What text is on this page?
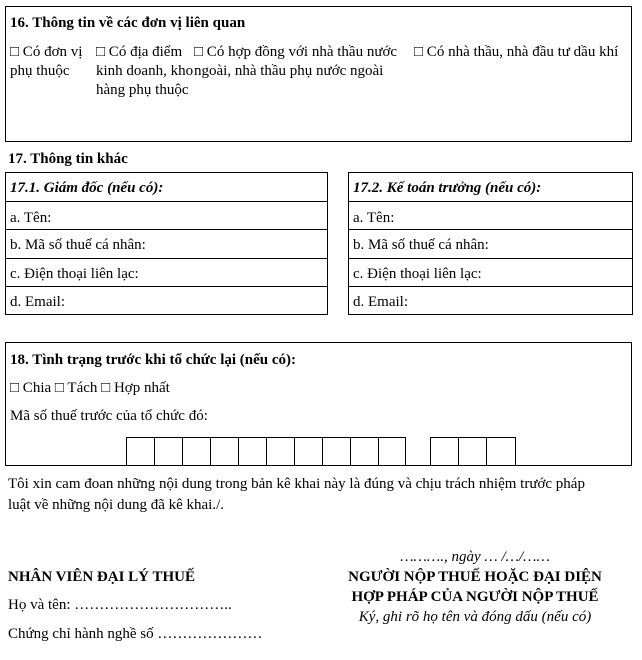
16. Thông tin về các đơn vị liên quan
□ Có đơn vị phụ thuộc
□ Có địa điểm kinh doanh, kho hàng phụ thuộc
□ Có hợp đồng với nhà thầu nước ngoài, nhà thầu phụ nước ngoài
□ Có nhà thầu, nhà đầu tư dầu khí
17. Thông tin khác
17.1. Giám đốc (nếu có):
a. Tên:
b. Mã số thuế cá nhân:
c. Điện thoại liên lạc:
d. Email:
17.2. Kế toán trưởng (nếu có):
a. Tên:
b. Mã số thuế cá nhân:
c. Điện thoại liên lạc:
d. Email:
18. Tình trạng trước khi tổ chức lại (nếu có):
□ Chia □ Tách □ Hợp nhất
Mã số thuế trước của tổ chức đó:
Tôi xin cam đoan những nội dung trong bản kê khai này là đúng và chịu trách nhiệm trước pháp luật về những nội dung đã kê khai./.
NHÂN VIÊN ĐẠI LÝ THUẾ
Họ và tên: …………………………..
Chứng chỉ hành nghề số …………………
………., ngày … /…/……
NGƯỜI NỘP THUẾ HOẶC ĐẠI DIỆN
HỢP PHÁP CỦA NGƯỜI NỘP THUẾ
Ký, ghi rõ họ tên và đóng dấu (nếu có)
